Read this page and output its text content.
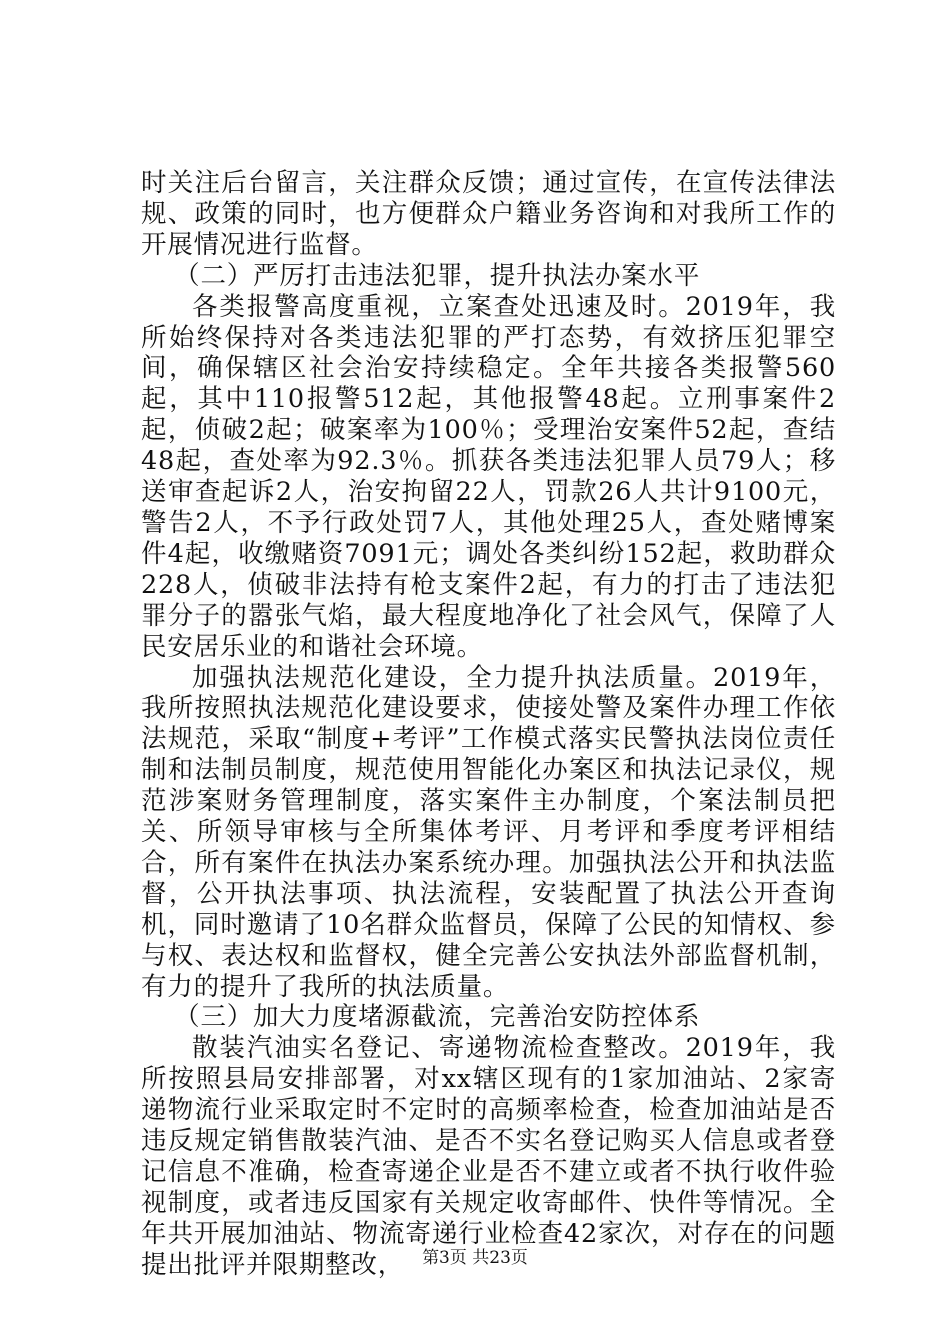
时关注后台留言，关注群众反馈；通过宣传，在宣传法律法规、政策的同时，也方便群众户籍业务咨询和对我所工作的开展情况进行监督。

（二）严厉打击违法犯罪，提升执法办案水平

各类报警高度重视，立案查处迅速及时。2019年，我所始终保持对各类违法犯罪的严打态势，有效挤压犯罪空间，确保辖区社会治安持续稳定。全年共接各类报警560起，其中110报警512起，其他报警48起。立刑事案件2起，侦破2起；破案率为100％；受理治安案件52起，查结48起，查处率为92.3％。抓获各类违法犯罪人员79人；移送审查起诉2人，治安拘留22人，罚款26人共计9100元，警告2人，不予行政处罚7人，其他处理25人，查处赌博案件4起，收缴赌资7091元；调处各类纠纷152起，救助群众228人，侦破非法持有枪支案件2起，有力的打击了违法犯罪分子的嚣张气焰，最大程度地净化了社会风气，保障了人民安居乐业的和谐社会环境。

加强执法规范化建设，全力提升执法质量。2019年，我所按照执法规范化建设要求，使接处警及案件办理工作依法规范，采取“制度+考评”工作模式落实民警执法岗位责任制和法制员制度，规范使用智能化办案区和执法记录仪，规范涉案财务管理制度，落实案件主办制度，个案法制员把关、所领导审核与全所集体考评、月考评和季度考评相结合，所有案件在执法办案系统办理。加强执法公开和执法监督，公开执法事项、执法流程，安装配置了执法公开查询机，同时邀请了10名群众监督员，保障了公民的知情权、参与权、表达权和监督权，健全完善公安执法外部监督机制，有力的提升了我所的执法质量。

（三）加大力度堵源截流，完善治安防控体系

散装汽油实名登记、寄递物流检查整改。2019年，我所按照县局安排部署，对xx辖区现有的1家加油站、2家寄递物流行业采取定时不定时的高频率检查，检查加油站是否违反规定销售散装汽油、是否不实名登记购买人信息或者登记信息不准确，检查寄递企业是否不建立或者不执行收件验视制度，或者违反国家有关规定收寄邮件、快件等情况。全年共开展加油站、物流寄递行业检查42家次，对存在的问题提出批评并限期整改，	第3页 共23页
